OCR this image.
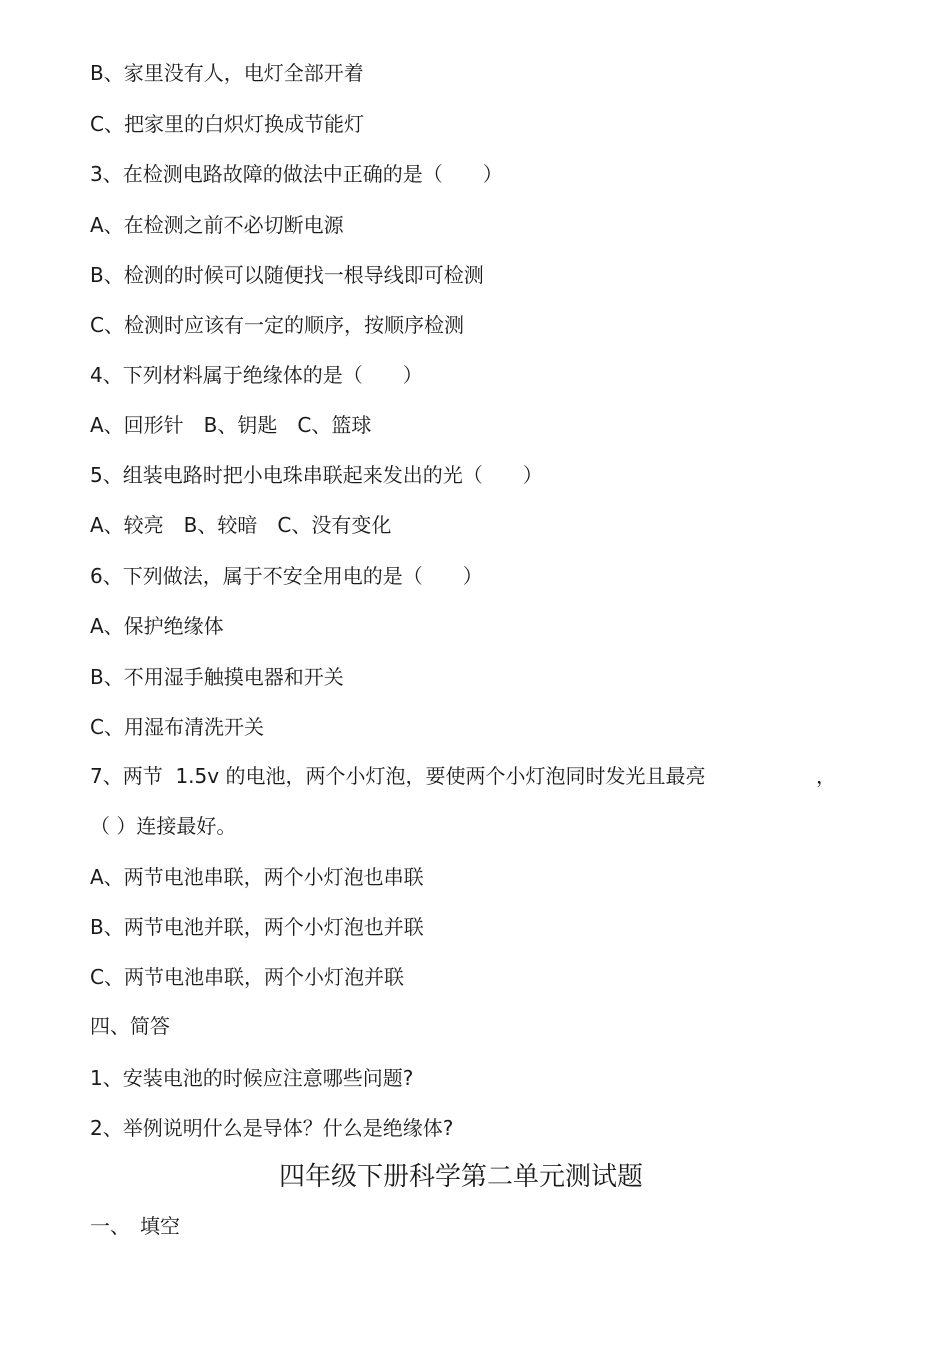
B、家里没有人，电灯全部开着
C、把家里的白炽灯换成节能灯
3、在检测电路故障的做法中正确的是（　　）
A、在检测之前不必切断电源
B、检测的时候可以随便找一根导线即可检测
C、检测时应该有一定的顺序，按顺序检测
4、下列材料属于绝缘体的是（　　）
A、回形针　B、钥匙　C、篮球
5、组装电路时把小电珠串联起来发出的光（　　）
A、较亮　B、较暗　C、没有变化
6、下列做法，属于不安全用电的是（　　）
A、保护绝缘体
B、不用湿手触摸电器和开关
C、用湿布清洗开关
7、两节  1.5v 的电池，两个小灯泡，要使两个小灯泡同时发光且最亮	，
（ ）连接最好。
A、两节电池串联，两个小灯泡也串联
B、两节电池并联，两个小灯泡也并联
C、两节电池串联，两个小灯泡并联
四、简答
1、安装电池的时候应注意哪些问题?
2、举例说明什么是导体？什么是绝缘体?
四年级下册科学第二单元测试题
一、　填空
